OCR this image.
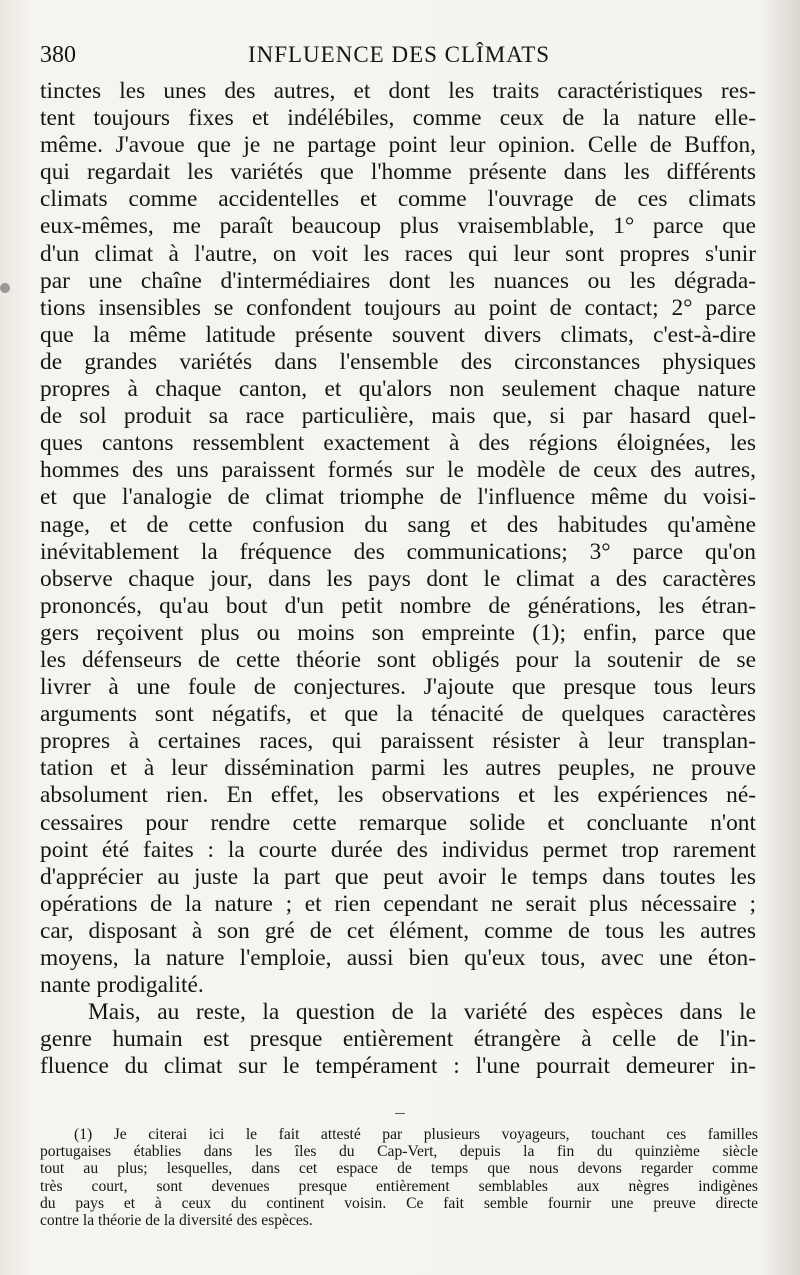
380	INFLUENCE DES CLÎMATS
tinctes les unes des autres, et dont les traits caractéristiques res-
tent toujours fixes et indélébiles, comme ceux de la nature elle-
même. J'avoue que je ne partage point leur opinion. Celle de Buffon,
qui regardait les variétés que l'homme présente dans les différents
climats comme accidentelles et comme l'ouvrage de ces climats
eux-mêmes, me paraît beaucoup plus vraisemblable, 1° parce que
d'un climat à l'autre, on voit les races qui leur sont propres s'unir
par une chaîne d'intermédiaires dont les nuances ou les dégrada-
tions insensibles se confondent toujours au point de contact; 2° parce
que la même latitude présente souvent divers climats, c'est-à-dire
de grandes variétés dans l'ensemble des circonstances physiques
propres à chaque canton, et qu'alors non seulement chaque nature
de sol produit sa race particulière, mais que, si par hasard quel-
ques cantons ressemblent exactement à des régions éloignées, les
hommes des uns paraissent formés sur le modèle de ceux des autres,
et que l'analogie de climat triomphe de l'influence même du voisi-
nage, et de cette confusion du sang et des habitudes qu'amène
inévitablement la fréquence des communications; 3° parce qu'on
observe chaque jour, dans les pays dont le climat a des caractères
prononcés, qu'au bout d'un petit nombre de générations, les étran-
gers reçoivent plus ou moins son empreinte (1); enfin, parce que
les défenseurs de cette théorie sont obligés pour la soutenir de se
livrer à une foule de conjectures. J'ajoute que presque tous leurs
arguments sont négatifs, et que la ténacité de quelques caractères
propres à certaines races, qui paraissent résister à leur transplan-
tation et à leur dissémination parmi les autres peuples, ne prouve
absolument rien. En effet, les observations et les expériences né-
cessaires pour rendre cette remarque solide et concluante n'ont
point été faites : la courte durée des individus permet trop rarement
d'apprécier au juste la part que peut avoir le temps dans toutes les
opérations de la nature ; et rien cependant ne serait plus nécessaire ;
car, disposant à son gré de cet élément, comme de tous les autres
moyens, la nature l'emploie, aussi bien qu'eux tous, avec une éton-
nante prodigalité.
Mais, au reste, la question de la variété des espèces dans le
genre humain est presque entièrement étrangère à celle de l'in-
fluence du climat sur le tempérament : l'une pourrait demeurer in-
(1) Je citerai ici le fait attesté par plusieurs voyageurs, touchant ces familles
portugaises établies dans les îles du Cap-Vert, depuis la fin du quinzième siècle
tout au plus; lesquelles, dans cet espace de temps que nous devons regarder comme
très court, sont devenues presque entièrement semblables aux nègres indigènes
du pays et à ceux du continent voisin. Ce fait semble fournir une preuve directe
contre la théorie de la diversité des espèces.
